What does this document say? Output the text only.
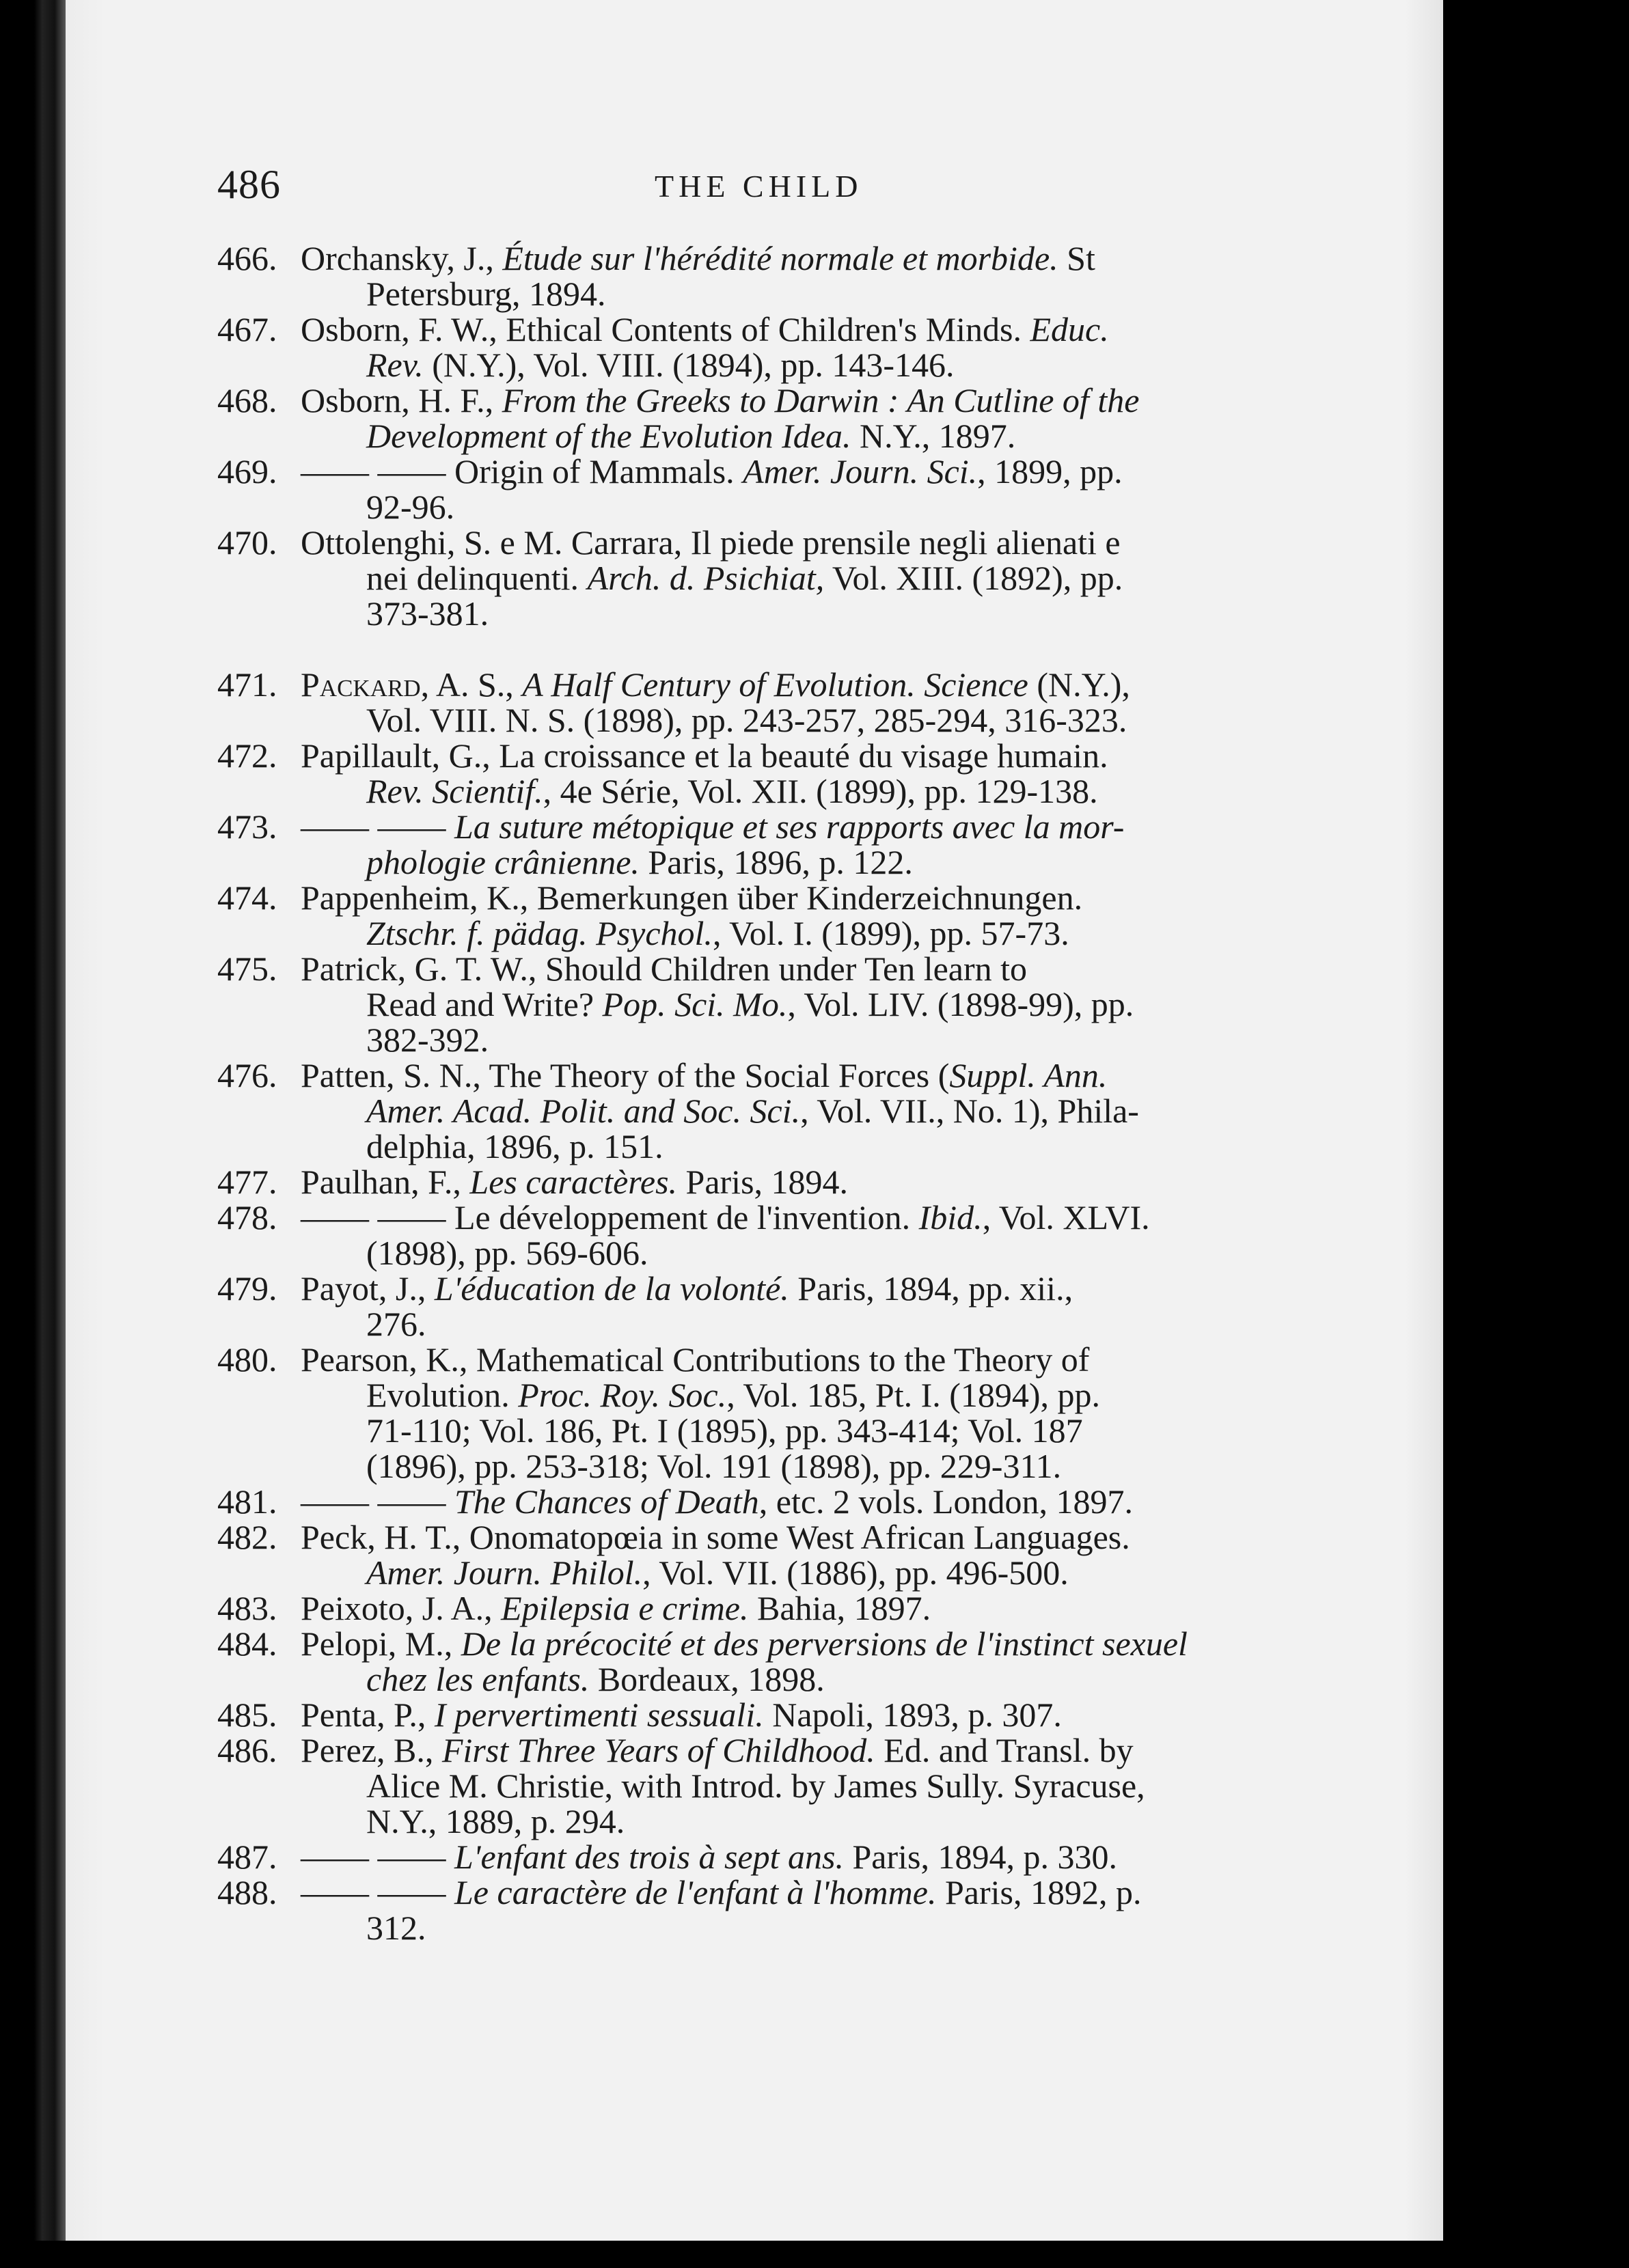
486	THE CHILD
466. Orchansky, J., Étude sur l'hérédité normale et morbide. St
Petersburg, 1894.
467. Osborn, F. W., Ethical Contents of Children's Minds. Educ.
Rev. (N.Y.), Vol. VIII. (1894), pp. 143-146.
468. Osborn, H. F., From the Greeks to Darwin : An Cutline of the
Development of the Evolution Idea. N.Y., 1897.
469. —— —— Origin of Mammals. Amer. Journ. Sci., 1899, pp.
92-96.
470. Ottolenghi, S. e M. Carrara, Il piede prensile negli alienati e
nei delinquenti. Arch. d. Psichiat, Vol. XIII. (1892), pp.
373-381.
471. Packard, A. S., A Half Century of Evolution. Science (N.Y.),
Vol. VIII. N. S. (1898), pp. 243-257, 285-294, 316-323.
472. Papillault, G., La croissance et la beauté du visage humain.
Rev. Scientif., 4e Série, Vol. XII. (1899), pp. 129-138.
473. —— —— La suture métopique et ses rapports avec la mor-
phologie crânienne. Paris, 1896, p. 122.
474. Pappenheim, K., Bemerkungen über Kinderzeichnungen.
Ztschr. f. pädag. Psychol., Vol. I. (1899), pp. 57-73.
475. Patrick, G. T. W., Should Children under Ten learn to
Read and Write? Pop. Sci. Mo., Vol. LIV. (1898-99), pp.
382-392.
476. Patten, S. N., The Theory of the Social Forces (Suppl. Ann.
Amer. Acad. Polit. and Soc. Sci., Vol. VII., No. 1), Phila-
delphia, 1896, p. 151.
477. Paulhan, F., Les caractères. Paris, 1894.
478. —— —— Le développement de l'invention. Ibid., Vol. XLVI.
(1898), pp. 569-606.
479. Payot, J., L'éducation de la volonté. Paris, 1894, pp. xii.,
276.
480. Pearson, K., Mathematical Contributions to the Theory of
Evolution. Proc. Roy. Soc., Vol. 185, Pt. I. (1894), pp.
71-110; Vol. 186, Pt. I (1895), pp. 343-414; Vol. 187
(1896), pp. 253-318; Vol. 191 (1898), pp. 229-311.
481. —— —— The Chances of Death, etc. 2 vols. London, 1897.
482. Peck, H. T., Onomatopœia in some West African Languages.
Amer. Journ. Philol., Vol. VII. (1886), pp. 496-500.
483. Peixoto, J. A., Epilepsia e crime. Bahia, 1897.
484. Pelopi, M., De la précocité et des perversions de l'instinct sexuel
chez les enfants. Bordeaux, 1898.
485. Penta, P., I pervertimenti sessuali. Napoli, 1893, p. 307.
486. Perez, B., First Three Years of Childhood. Ed. and Transl. by
Alice M. Christie, with Introd. by James Sully. Syracuse,
N.Y., 1889, p. 294.
487. —— —— L'enfant des trois à sept ans. Paris, 1894, p. 330.
488. —— —— Le caractère de l'enfant à l'homme. Paris, 1892, p.
312.
